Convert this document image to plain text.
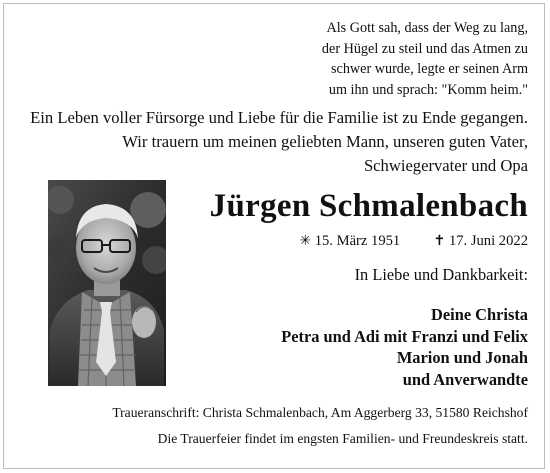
Als Gott sah, dass der Weg zu lang,
der Hügel zu steil und das Atmen zu
schwer wurde, legte er seinen Arm
um ihn und sprach: "Komm heim."
Ein Leben voller Fürsorge und Liebe für die Familie ist zu Ende gegangen.
Wir trauern um meinen geliebten Mann, unseren guten Vater,
Schwiegervater und Opa
Jürgen Schmalenbach
✳ 15. März 1951 ✝ 17. Juni 2022
In Liebe und Dankbarkeit:
Deine Christa
Petra und Adi mit Franzi und Felix
Marion und Jonah
und Anverwandte
Traueranschrift: Christa Schmalenbach, Am Aggerberg 33, 51580 Reichshof
Die Trauerfeier findet im engsten Familien- und Freundeskreis statt.
